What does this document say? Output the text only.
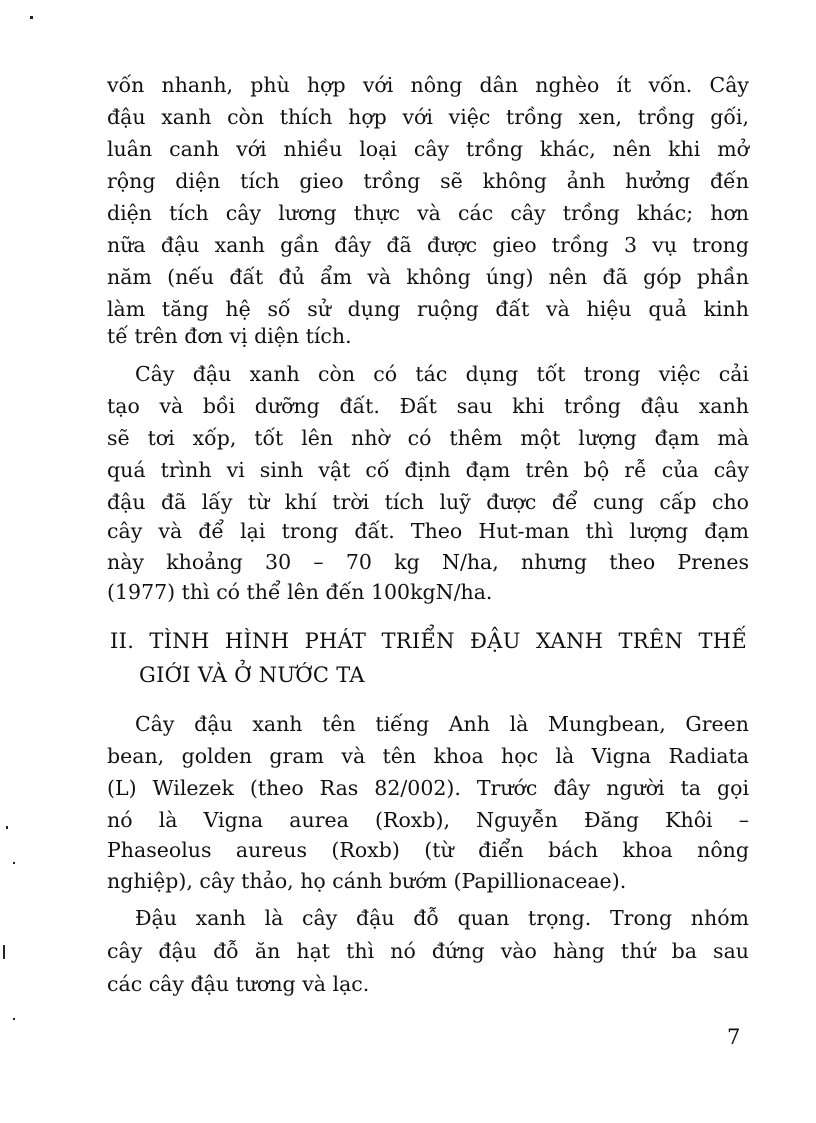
vốn nhanh, phù hợp với nông dân nghèo ít vốn. Cây
đậu xanh còn thích hợp với việc trồng xen, trồng gối,
luân canh với nhiều loại cây trồng khác, nên khi mở
rộng diện tích gieo trồng sẽ không ảnh hưởng đến
diện tích cây lương thực và các cây trồng khác; hơn
nữa đậu xanh gần đây đã được gieo trồng 3 vụ trong
năm (nếu đất đủ ẩm và không úng) nên đã góp phần
làm tăng hệ số sử dụng ruộng đất và hiệu quả kinh
tế trên đơn vị diện tích.
Cây đậu xanh còn có tác dụng tốt trong việc cải
tạo và bồi dưỡng đất. Đất sau khi trồng đậu xanh
sẽ tơi xốp, tốt lên nhờ có thêm một lượng đạm mà
quá trình vi sinh vật cố định đạm trên bộ rễ của cây
đậu đã lấy từ khí trời tích luỹ được để cung cấp cho
cây và để lại trong đất. Theo Hut-man thì lượng đạm
này khoảng 30 – 70 kg N/ha, nhưng theo Prenes
(1977) thì có thể lên đến 100kgN/ha.
II. TÌNH HÌNH PHÁT TRIỂN ĐẬU XANH TRÊN THẾ
GIỚI VÀ Ở NƯỚC TA
Cây đậu xanh tên tiếng Anh là Mungbean, Green
bean, golden gram và tên khoa học là Vigna Radiata
(L) Wilezek (theo Ras 82/002). Trước đây người ta gọi
nó là Vigna aurea (Roxb), Nguyễn Đăng Khôi –
Phaseolus aureus (Roxb) (từ điển bách khoa nông
nghiệp), cây thảo, họ cánh bướm (Papillionaceae).
Đậu xanh là cây đậu đỗ quan trọng. Trong nhóm
cây đậu đỗ ăn hạt thì nó đứng vào hàng thứ ba sau
các cây đậu tương và lạc.
7
